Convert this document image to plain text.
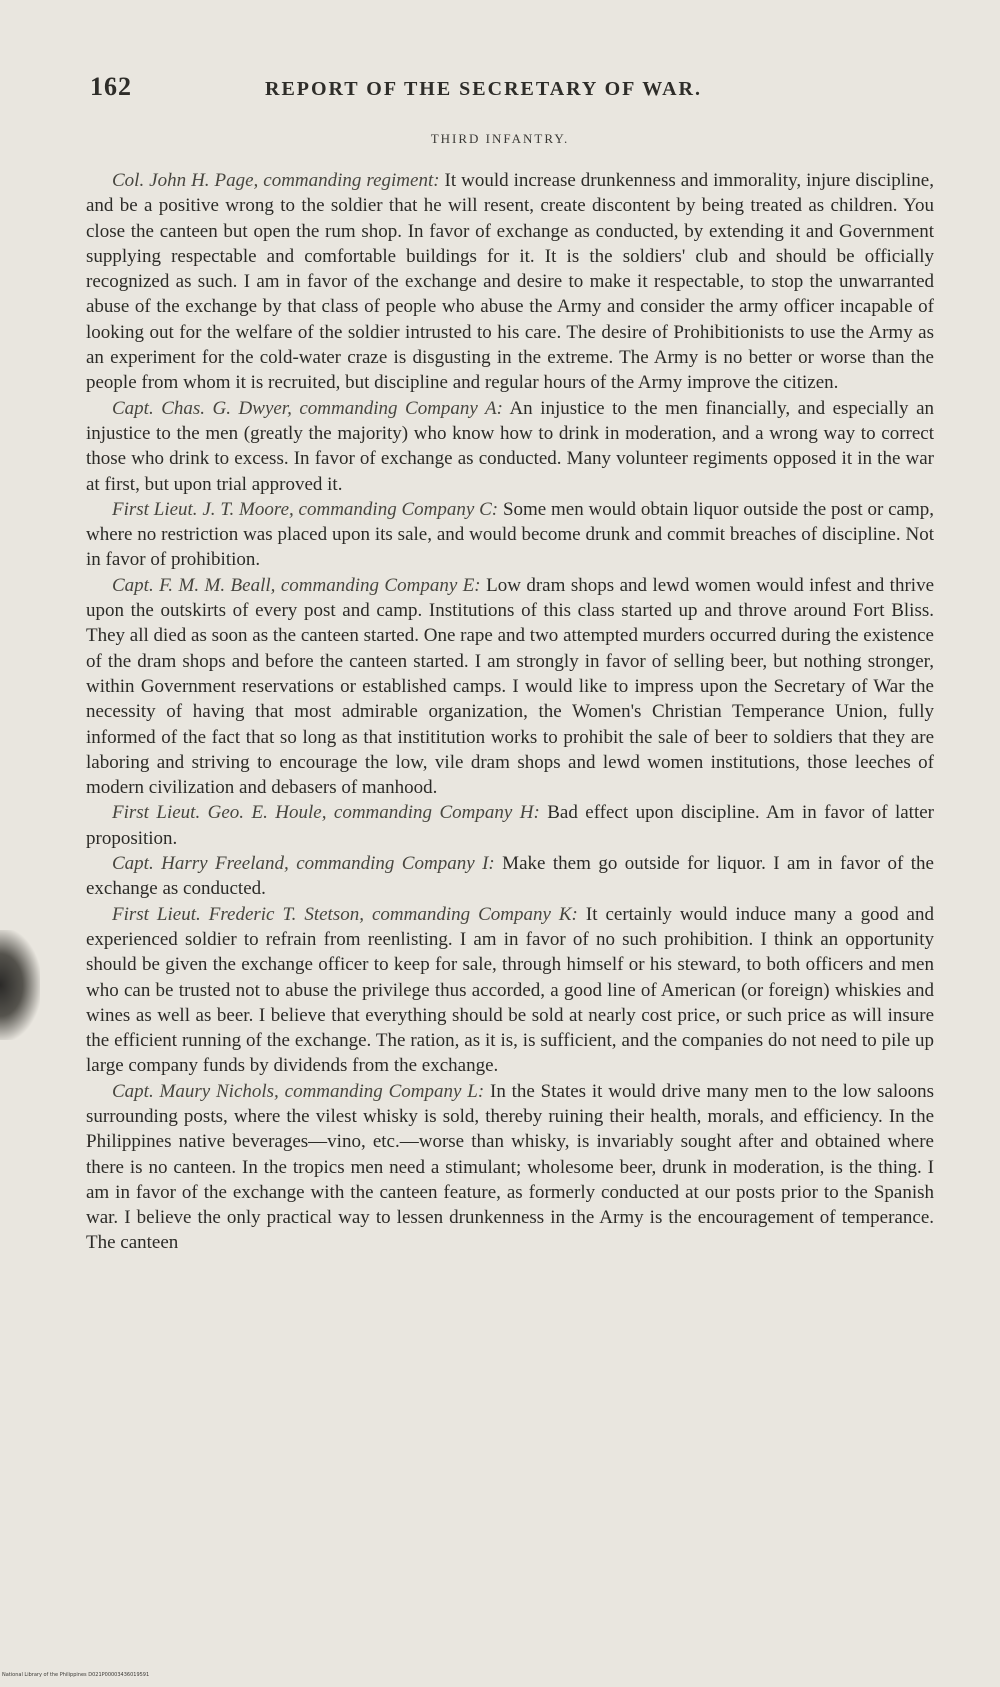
162	REPORT OF THE SECRETARY OF WAR.
THIRD INFANTRY.

Col. John H. Page, commanding regiment: It would increase drunkenness and immorality, injure discipline, and be a positive wrong to the soldier that he will resent, create discontent by being treated as children. You close the canteen but open the rum shop. In favor of exchange as conducted, by extending it and Government supplying respectable and comfortable buildings for it. It is the soldiers' club and should be officially recognized as such. I am in favor of the exchange and desire to make it respectable, to stop the unwarranted abuse of the exchange by that class of people who abuse the Army and consider the army officer incapable of looking out for the welfare of the soldier intrusted to his care. The desire of Prohibitionists to use the Army as an experiment for the cold-water craze is disgusting in the extreme. The Army is no better or worse than the people from whom it is recruited, but discipline and regular hours of the Army improve the citizen.

Capt. Chas. G. Dwyer, commanding Company A: An injustice to the men financially, and especially an injustice to the men (greatly the majority) who know how to drink in moderation, and a wrong way to correct those who drink to excess. In favor of exchange as conducted. Many volunteer regiments opposed it in the war at first, but upon trial approved it.

First Lieut. J. T. Moore, commanding Company C: Some men would obtain liquor outside the post or camp, where no restriction was placed upon its sale, and would become drunk and commit breaches of discipline. Not in favor of prohibition.

Capt. F. M. M. Beall, commanding Company E: Low dram shops and lewd women would infest and thrive upon the outskirts of every post and camp. Institutions of this class started up and throve around Fort Bliss. They all died as soon as the canteen started. One rape and two attempted murders occurred during the existence of the dram shops and before the canteen started. I am strongly in favor of selling beer, but nothing stronger, within Government reservations or established camps. I would like to impress upon the Secretary of War the necessity of having that most admirable organization, the Women's Christian Temperance Union, fully informed of the fact that so long as that instititution works to prohibit the sale of beer to soldiers that they are laboring and striving to encourage the low, vile dram shops and lewd women institutions, those leeches of modern civilization and debasers of manhood.

First Lieut. Geo. E. Houle, commanding Company H: Bad effect upon discipline. Am in favor of latter proposition.

Capt. Harry Freeland, commanding Company I: Make them go outside for liquor. I am in favor of the exchange as conducted.

First Lieut. Frederic T. Stetson, commanding Company K: It certainly would induce many a good and experienced soldier to refrain from reenlisting. I am in favor of no such prohibition. I think an opportunity should be given the exchange officer to keep for sale, through himself or his steward, to both officers and men who can be trusted not to abuse the privilege thus accorded, a good line of American (or foreign) whiskies and wines as well as beer. I believe that everything should be sold at nearly cost price, or such price as will insure the efficient running of the exchange. The ration, as it is, is sufficient, and the companies do not need to pile up large company funds by dividends from the exchange.

Capt. Maury Nichols, commanding Company L: In the States it would drive many men to the low saloons surrounding posts, where the vilest whisky is sold, thereby ruining their health, morals, and efficiency. In the Philippines native beverages—vino, etc.—worse than whisky, is invariably sought after and obtained where there is no canteen. In the tropics men need a stimulant; wholesome beer, drunk in moderation, is the thing. I am in favor of the exchange with the canteen feature, as formerly conducted at our posts prior to the Spanish war. I believe the only practical way to lessen drunkenness in the Army is the encouragement of temperance. The canteen

National Library of the Philippines D021P00003436019591
